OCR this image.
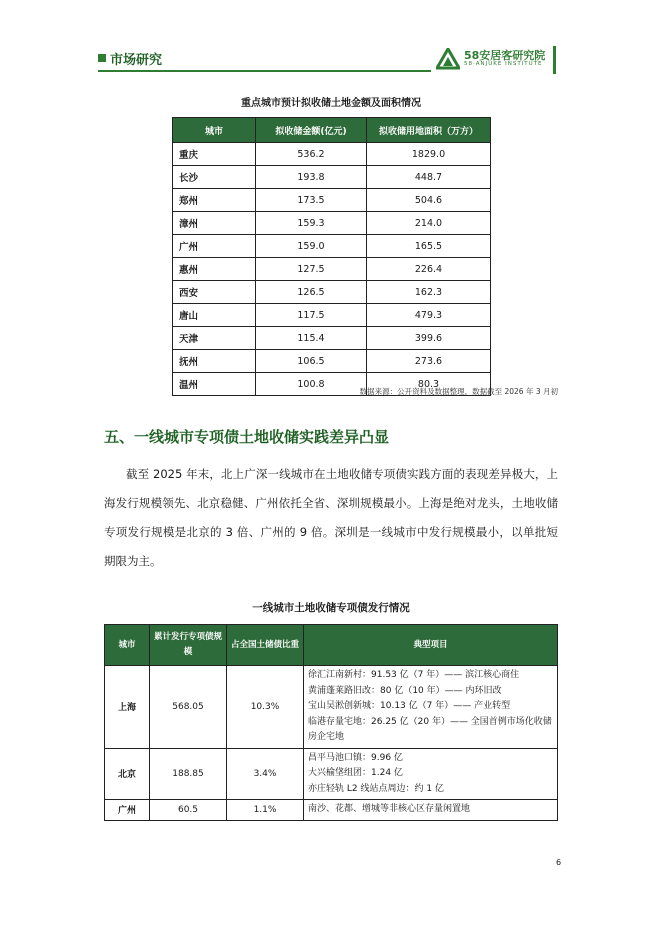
市场研究	58安居客研究院
58·ANJUKE INSTITUTE
重点城市预计拟收储土地金额及面积情况
城市	拟收储金额(亿元)	拟收储用地面积（万方）
重庆	536.2	1829.0
长沙	193.8	448.7
郑州	173.5	504.6
漳州	159.3	214.0
广州	159.0	165.5
惠州	127.5	226.4
西安	126.5	162.3
唐山	117.5	479.3
天津	115.4	399.6
抚州	106.5	273.6
温州	100.8	80.3
数据来源：公开资料及数据整理，数据截至 2026 年 3 月初
五、一线城市专项债土地收储实践差异凸显
截至 2025 年末，北上广深一线城市在土地收储专项债实践方面的表现差异极大，上海发行规模领先、北京稳健、广州依托全省、深圳规模最小。上海是绝对龙头，土地收储专项发行规模是北京的 3 倍、广州的 9 倍。深圳是一线城市中发行规模最小，以单批短期限为主。
一线城市土地收储专项债发行情况
城市	累计发行专项债规模	占全国土储债比重	典型项目
上海	568.05	10.3%	徐汇江南新村：91.53 亿（7 年）—— 滨江核心商住
黄浦蓬莱路旧改：80 亿（10 年）—— 内环旧改
宝山吴淞创新城：10.13 亿（7 年）—— 产业转型
临港存量宅地：26.25 亿（20 年）—— 全国首例市场化收储房企宅地

北京	188.85	3.4%	昌平马池口镇：9.96 亿
大兴榆垡组团：1.24 亿
亦庄轻轨 L2 线站点周边：约 1 亿

广州	60.5	1.1%	南沙、花都、增城等非核心区存量闲置地
6
